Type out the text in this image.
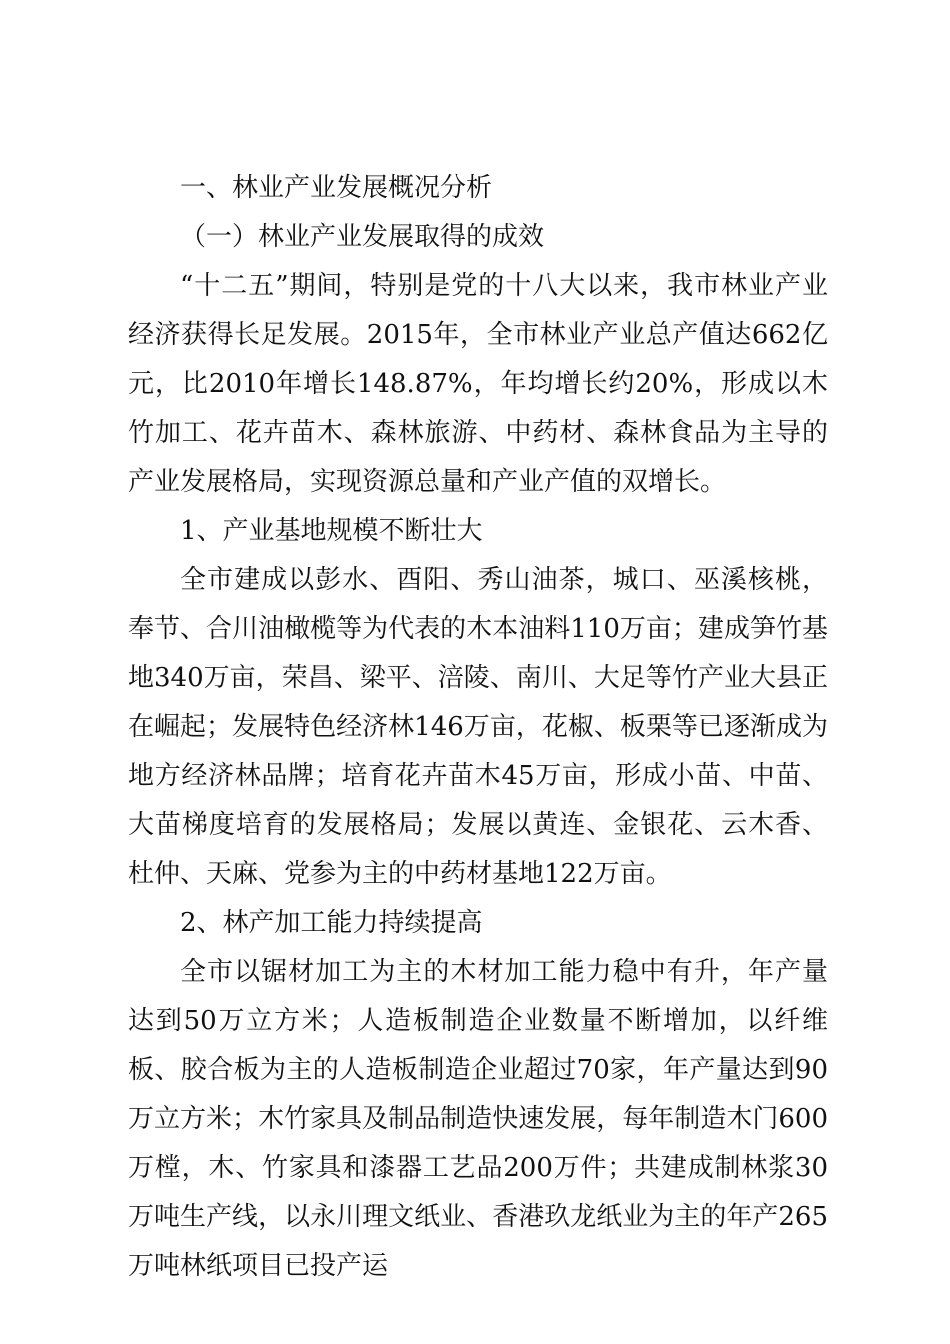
一、林业产业发展概况分析

（一）林业产业发展取得的成效

“十二五”期间，特别是党的十八大以来，我市林业产业经济获得长足发展。2015年，全市林业产业总产值达662亿元，比2010年增长148.87%，年均增长约20%，形成以木竹加工、花卉苗木、森林旅游、中药材、森林食品为主导的产业发展格局，实现资源总量和产业产值的双增长。

1、产业基地规模不断壮大

全市建成以彭水、酉阳、秀山油茶，城口、巫溪核桃，奉节、合川油橄榄等为代表的木本油料110万亩；建成笋竹基地340万亩，荣昌、梁平、涪陵、南川、大足等竹产业大县正在崛起；发展特色经济林146万亩，花椒、板栗等已逐渐成为地方经济林品牌；培育花卉苗木45万亩，形成小苗、中苗、大苗梯度培育的发展格局；发展以黄连、金银花、云木香、杜仲、天麻、党参为主的中药材基地122万亩。

2、林产加工能力持续提高

全市以锯材加工为主的木材加工能力稳中有升，年产量达到50万立方米；人造板制造企业数量不断增加，以纤维板、胶合板为主的人造板制造企业超过70家，年产量达到90万立方米；木竹家具及制品制造快速发展，每年制造木门600万樘，木、竹家具和漆器工艺品200万件；共建成制林浆30万吨生产线，以永川理文纸业、香港玖龙纸业为主的年产265万吨林纸项目已投产运
